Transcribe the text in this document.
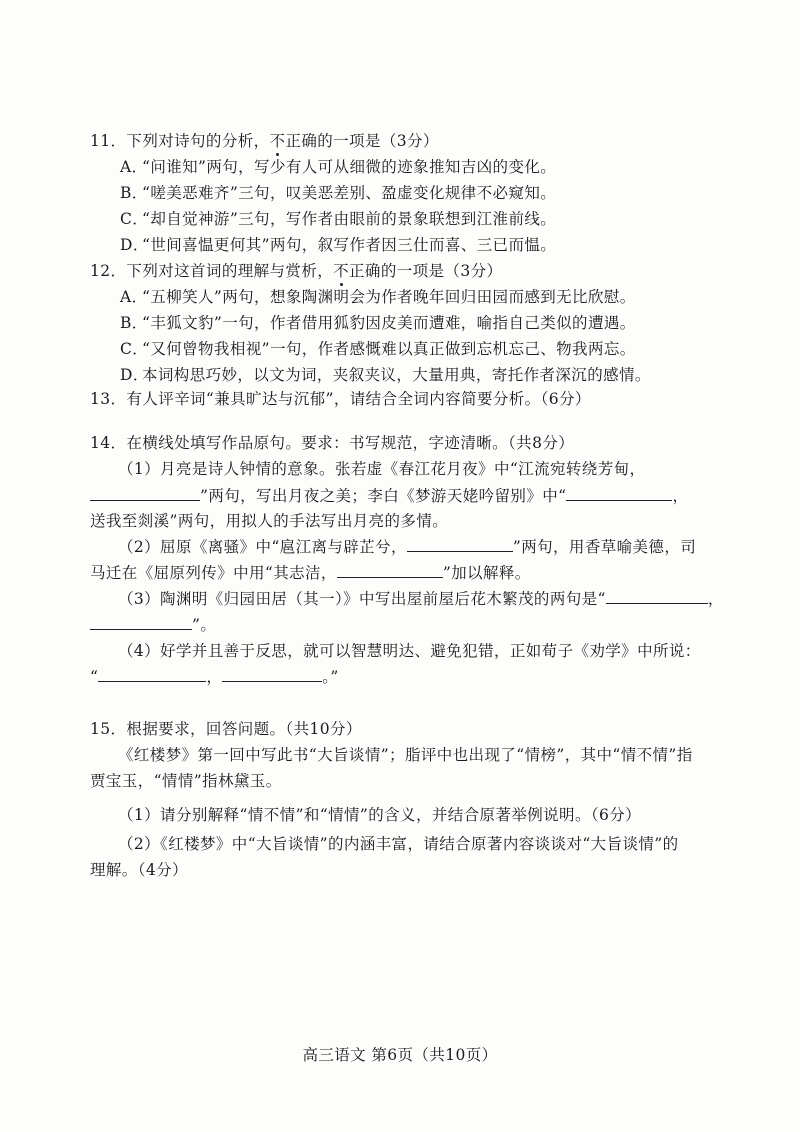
11．下列对诗句的分析，不正确的一项是（3分）
A．“问谁知”两句，写少有人可从细微的迹象推知吉凶的变化。
B．“嗟美恶难齐”三句，叹美恶差别、盈虚变化规律不必窥知。
C．“却自觉神游”三句，写作者由眼前的景象联想到江淮前线。
D．“世间喜愠更何其”两句，叙写作者因三仕而喜、三已而愠。
12．下列对这首词的理解与赏析，不正确的一项是（3分）
A．“五柳笑人”两句，想象陶渊明会为作者晚年回归田园而感到无比欣慰。
B．“丰狐文豹”一句，作者借用狐豹因皮美而遭难，喻指自己类似的遭遇。
C．“又何曾物我相视”一句，作者感慨难以真正做到忘机忘己、物我两忘。
D．本词构思巧妙，以文为词，夹叙夹议，大量用典，寄托作者深沉的感情。
13．有人评辛词“兼具旷达与沉郁”，请结合全词内容简要分析。（6分）
14．在横线处填写作品原句。要求：书写规范，字迹清晰。（共8分）
（1）月亮是诗人钟情的意象。张若虚《春江花月夜》中“江流宛转绕芳甸，
”两句，写出月夜之美；李白《梦游天姥吟留别》中“	，
送我至剡溪”两句，用拟人的手法写出月亮的多情。
（2）屈原《离骚》中“扈江离与辟芷兮，	”两句，用香草喻美德，司
马迁在《屈原列传》中用“其志洁，	”加以解释。
（3）陶渊明《归园田居（其一）》中写出屋前屋后花木繁茂的两句是“	，
”。
（4）好学并且善于反思，就可以智慧明达、避免犯错，正如荀子《劝学》中所说：
“	，	。”
15．根据要求，回答问题。（共10分）
《红楼梦》第一回中写此书“大旨谈情”；脂评中也出现了“情榜”，其中“情不情”指
贾宝玉，“情情”指林黛玉。
（1）请分别解释“情不情”和“情情”的含义，并结合原著举例说明。（6分）
（2）《红楼梦》中“大旨谈情”的内涵丰富，请结合原著内容谈谈对“大旨谈情”的
理解。（4分）
高三语文 第6页（共10页）
